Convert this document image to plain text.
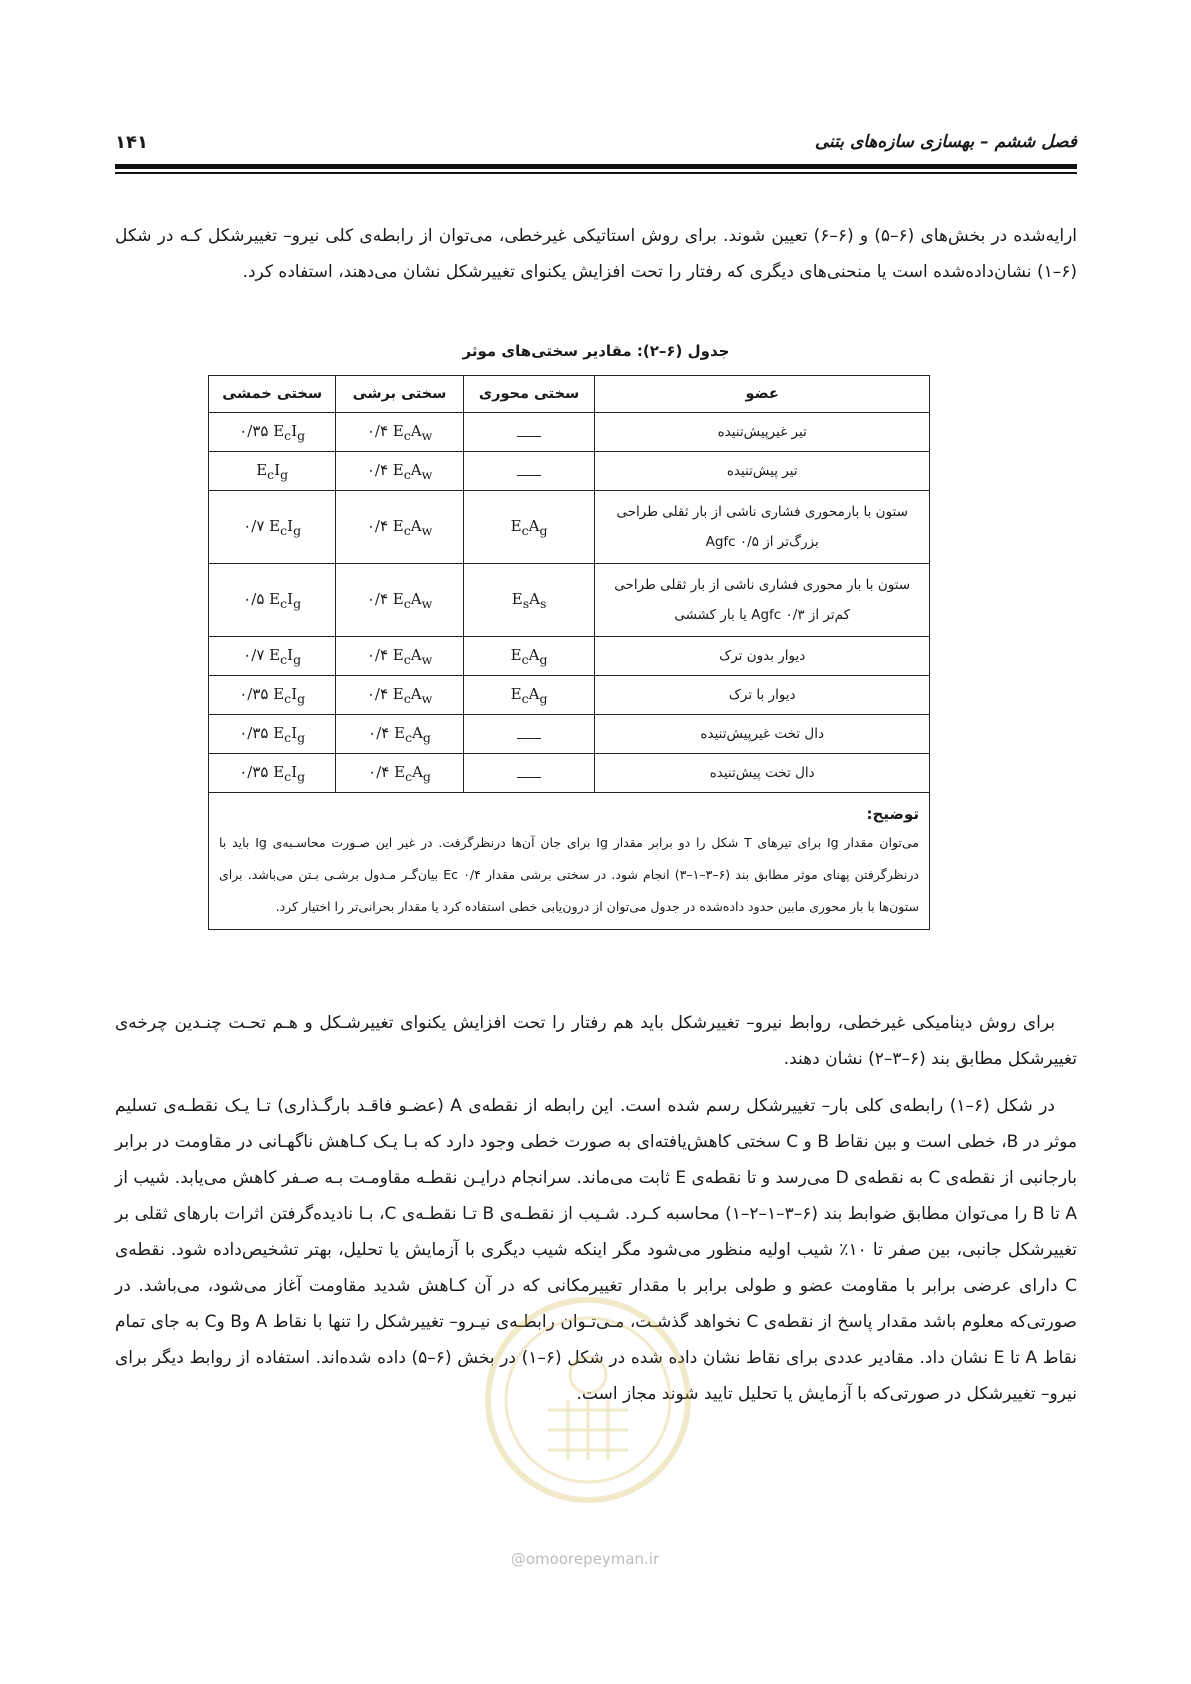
فصل ششم – بهسازی سازه‌های بتنی
۱۴۱

ارایه‌شده در بخش‌های (۶–۵) و (۶–۶) تعیین شوند. برای روش استاتیکی غیرخطی، می‌توان از رابطه‌ی کلی نیرو– تغییرشکل کـه در شکل (۶–۱) نشان‌داده‌شده است یا منحنی‌های دیگری که رفتار را تحت افزایش یکنوای تغییرشکل نشان می‌دهند، استفاده کرد.

جدول (۶–۲): مقادیر سختی‌های موثر
عضو	سختی محوری	سختی برشی	سختی خمشی

تیر غیرپیش‌تنیده		۰/۴ $E_cA_w$	۰/۳۵ $E_cI_g$

تیر پیش‌تنیده		۰/۴ $E_cA_w$	$E_cI_g$

ستون با بارمحوری فشاری ناشی از بار ثقلی طراحی
بزرگ‌تر از ۰/۵ Agfc	$E_cA_g$	۰/۴ $E_cA_w$	۰/۷ $E_cI_g$

ستون با بار محوری فشاری ناشی از بار ثقلی طراحی
کم‌تر از ۰/۳ Agfc یا بار کششی	$E_sA_s$	۰/۴ $E_cA_w$	۰/۵ $E_cI_g$

دیوار بدون ترک	$E_cA_g$	۰/۴ $E_cA_w$	۰/۷ $E_cI_g$

دیوار با ترک	$E_cA_g$	۰/۴ $E_cA_w$	۰/۳۵ $E_cI_g$

دال تخت غیرپیش‌تنیده		۰/۴ $E_cA_g$	۰/۳۵ $E_cI_g$

دال تخت پیش‌تنیده		۰/۴ $E_cA_g$	۰/۳۵ $E_cI_g$

توضیح:
می‌توان مقدار Ig برای تیرهای T شکل را دو برابر مقدار Ig برای جان آن‌ها درنظرگرفت. در غیر این صـورت محاسـبه‌ی Ig باید با درنظرگرفتن پهنای موثر مطابق بند (۶–۳–۱–۳) انجام شود. در سختی برشی مقدار ۰/۴ Ec بیان‌گـر مـدول برشـی بـتن می‌باشد. برای ستون‌ها با بار محوری مابین حدود داده‌شده در جدول می‌توان از درون‌یابی خطی استفاده کرد یا مقدار بحرانی‌تر را اختیار کرد.			

برای روش دینامیکی غیرخطی، روابط نیرو– تغییرشکل باید هم رفتار را تحت افزایش یکنوای تغییرشـکل و هـم تحـت چنـدین چرخه‌ی تغییرشکل مطابق بند (۶–۳–۲) نشان دهند.

در شکل (۶–۱) رابطه‌ی کلی بار– تغییرشکل رسم شده است. این رابطه از نقطه‌ی A (عضـو فاقـد بارگـذاری) تـا یـک نقطـه‌ی تسلیم موثر در B، خطی است و بین نقاط B و C سختی کاهش‌یافته‌ای به صورت خطی وجود دارد که بـا یـک کـاهش ناگهـانی در مقاومت در برابر بارجانبی از نقطه‌ی C به نقطه‌ی D می‌رسد و تا نقطه‌ی E ثابت می‌ماند. سرانجام درایـن نقطـه مقاومـت بـه صـفر کاهش می‌یابد. شیب از A تا B را می‌توان مطابق ضوابط بند (۶–۳–۱–۲–۱) محاسبه کـرد. شـیب از نقطـه‌ی B تـا نقطـه‌ی C، بـا نادیده‌گرفتن اثرات بارهای ثقلی بر تغییرشکل جانبی، بین صفر تا ۱۰٪ شیب اولیه منظور می‌شود مگر اینکه شیب دیگری با آزمایش یا تحلیل، بهتر تشخیص‌داده شود. نقطه‌ی C دارای عرضی برابر با مقاومت عضو و طولی برابر با مقدار تغییرمکانی که در آن کـاهش شدید مقاومت آغاز می‌شود، می‌باشد. در صورتی‌که معلوم باشد مقدار پاسخ از نقطه‌ی C نخواهد گذشـت، مـی‌تـوان رابطـه‌ی نیـرو– تغییرشکل را تنها با نقاط A وB وC به جای تمام نقاط A تا E نشان داد. مقادیر عددی برای نقاط نشان داده شده در شکل (۶–۱) در بخش (۶–۵) داده شده‌اند. استفاده از روابط دیگر برای نیرو– تغییرشکل در صورتی‌که با آزمایش یا تحلیل تایید شوند مجاز است.

@omoorepeyman.ir
